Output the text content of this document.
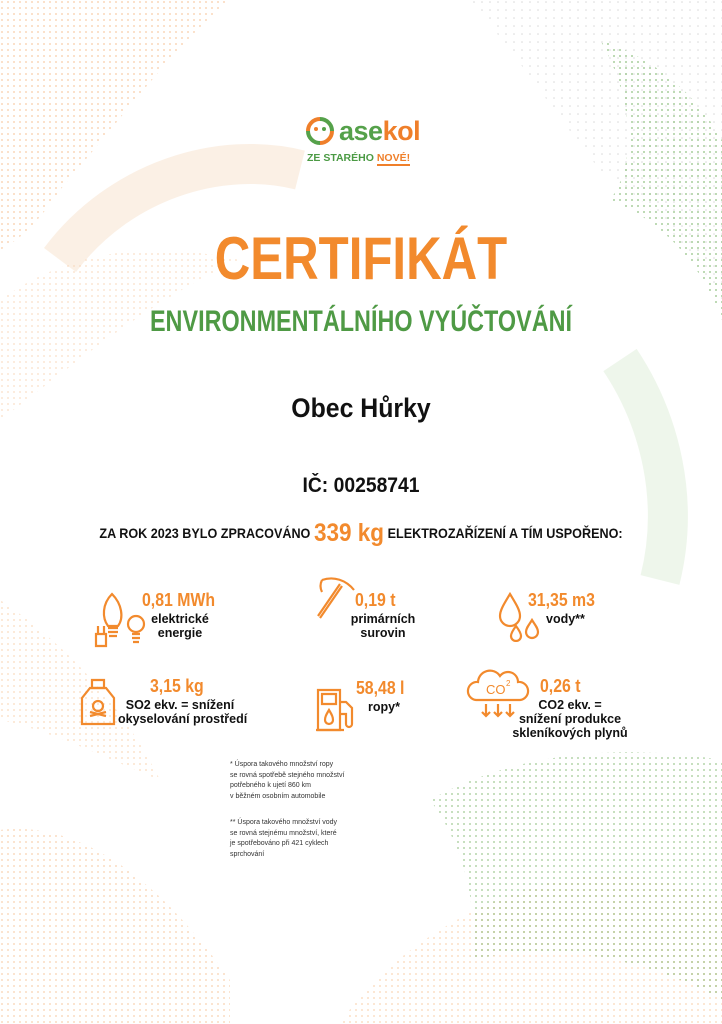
asekol
ZE STARÉHO NOVÉ!
CERTIFIKÁT
ENVIRONMENTÁLNÍHO VYÚČTOVÁNÍ
Obec Hůrky
IČ: 00258741
ZA ROK 2023 BYLO ZPRACOVÁNO 339 kg ELEKTROZAŘÍZENÍ A TÍM USPOŘENO:
0,81 MWh
elektrické
energie
0,19 t
primárních
surovin
31,35 m3
vody**
3,15 kg
SO2 ekv. = snížení
okyselování prostředí
58,48 l
ropy*
CO 2 0,26 t
CO2 ekv. =
snížení produkce
skleníkových plynů
* Úspora takového množství ropy
se rovná spotřebě stejného množství
potřebného k ujetí 860 km
v běžném osobním automobile
** Úspora takového množství vody
se rovná stejnému množství, které
je spotřebováno při 421 cyklech
sprchování
